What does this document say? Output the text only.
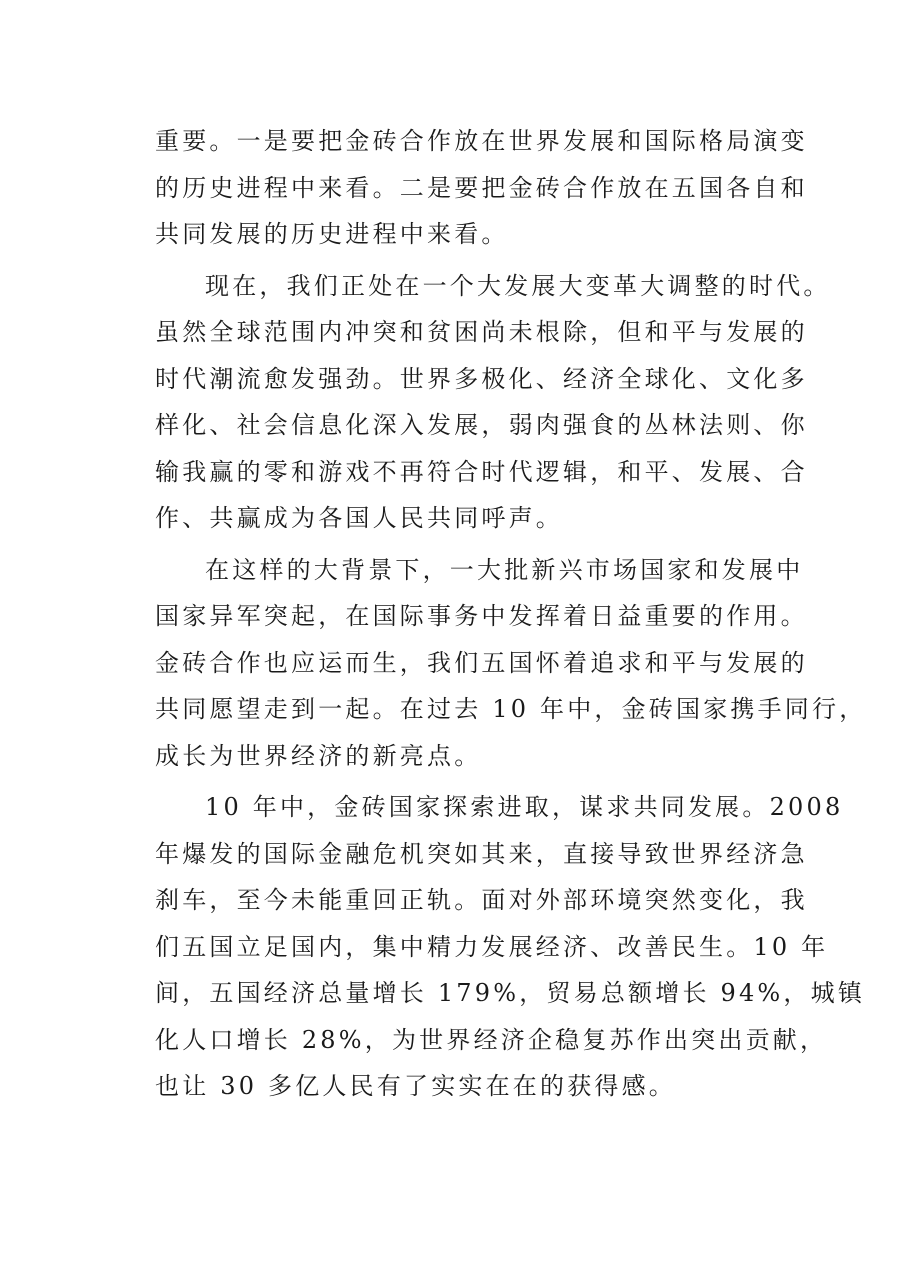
重要。一是要把金砖合作放在世界发展和国际格局演变
的历史进程中来看。二是要把金砖合作放在五国各自和
共同发展的历史进程中来看。
现在，我们正处在一个大发展大变革大调整的时代。
虽然全球范围内冲突和贫困尚未根除，但和平与发展的
时代潮流愈发强劲。世界多极化、经济全球化、文化多
样化、社会信息化深入发展，弱肉强食的丛林法则、你
输我赢的零和游戏不再符合时代逻辑，和平、发展、合
作、共赢成为各国人民共同呼声。
在这样的大背景下，一大批新兴市场国家和发展中
国家异军突起，在国际事务中发挥着日益重要的作用。
金砖合作也应运而生，我们五国怀着追求和平与发展的
共同愿望走到一起。在过去 10 年中，金砖国家携手同行，
成长为世界经济的新亮点。
10 年中，金砖国家探索进取，谋求共同发展。2008
年爆发的国际金融危机突如其来，直接导致世界经济急
刹车，至今未能重回正轨。面对外部环境突然变化，我
们五国立足国内，集中精力发展经济、改善民生。10 年
间，五国经济总量增长 179%，贸易总额增长 94%，城镇
化人口增长 28%，为世界经济企稳复苏作出突出贡献，
也让 30 多亿人民有了实实在在的获得感。
